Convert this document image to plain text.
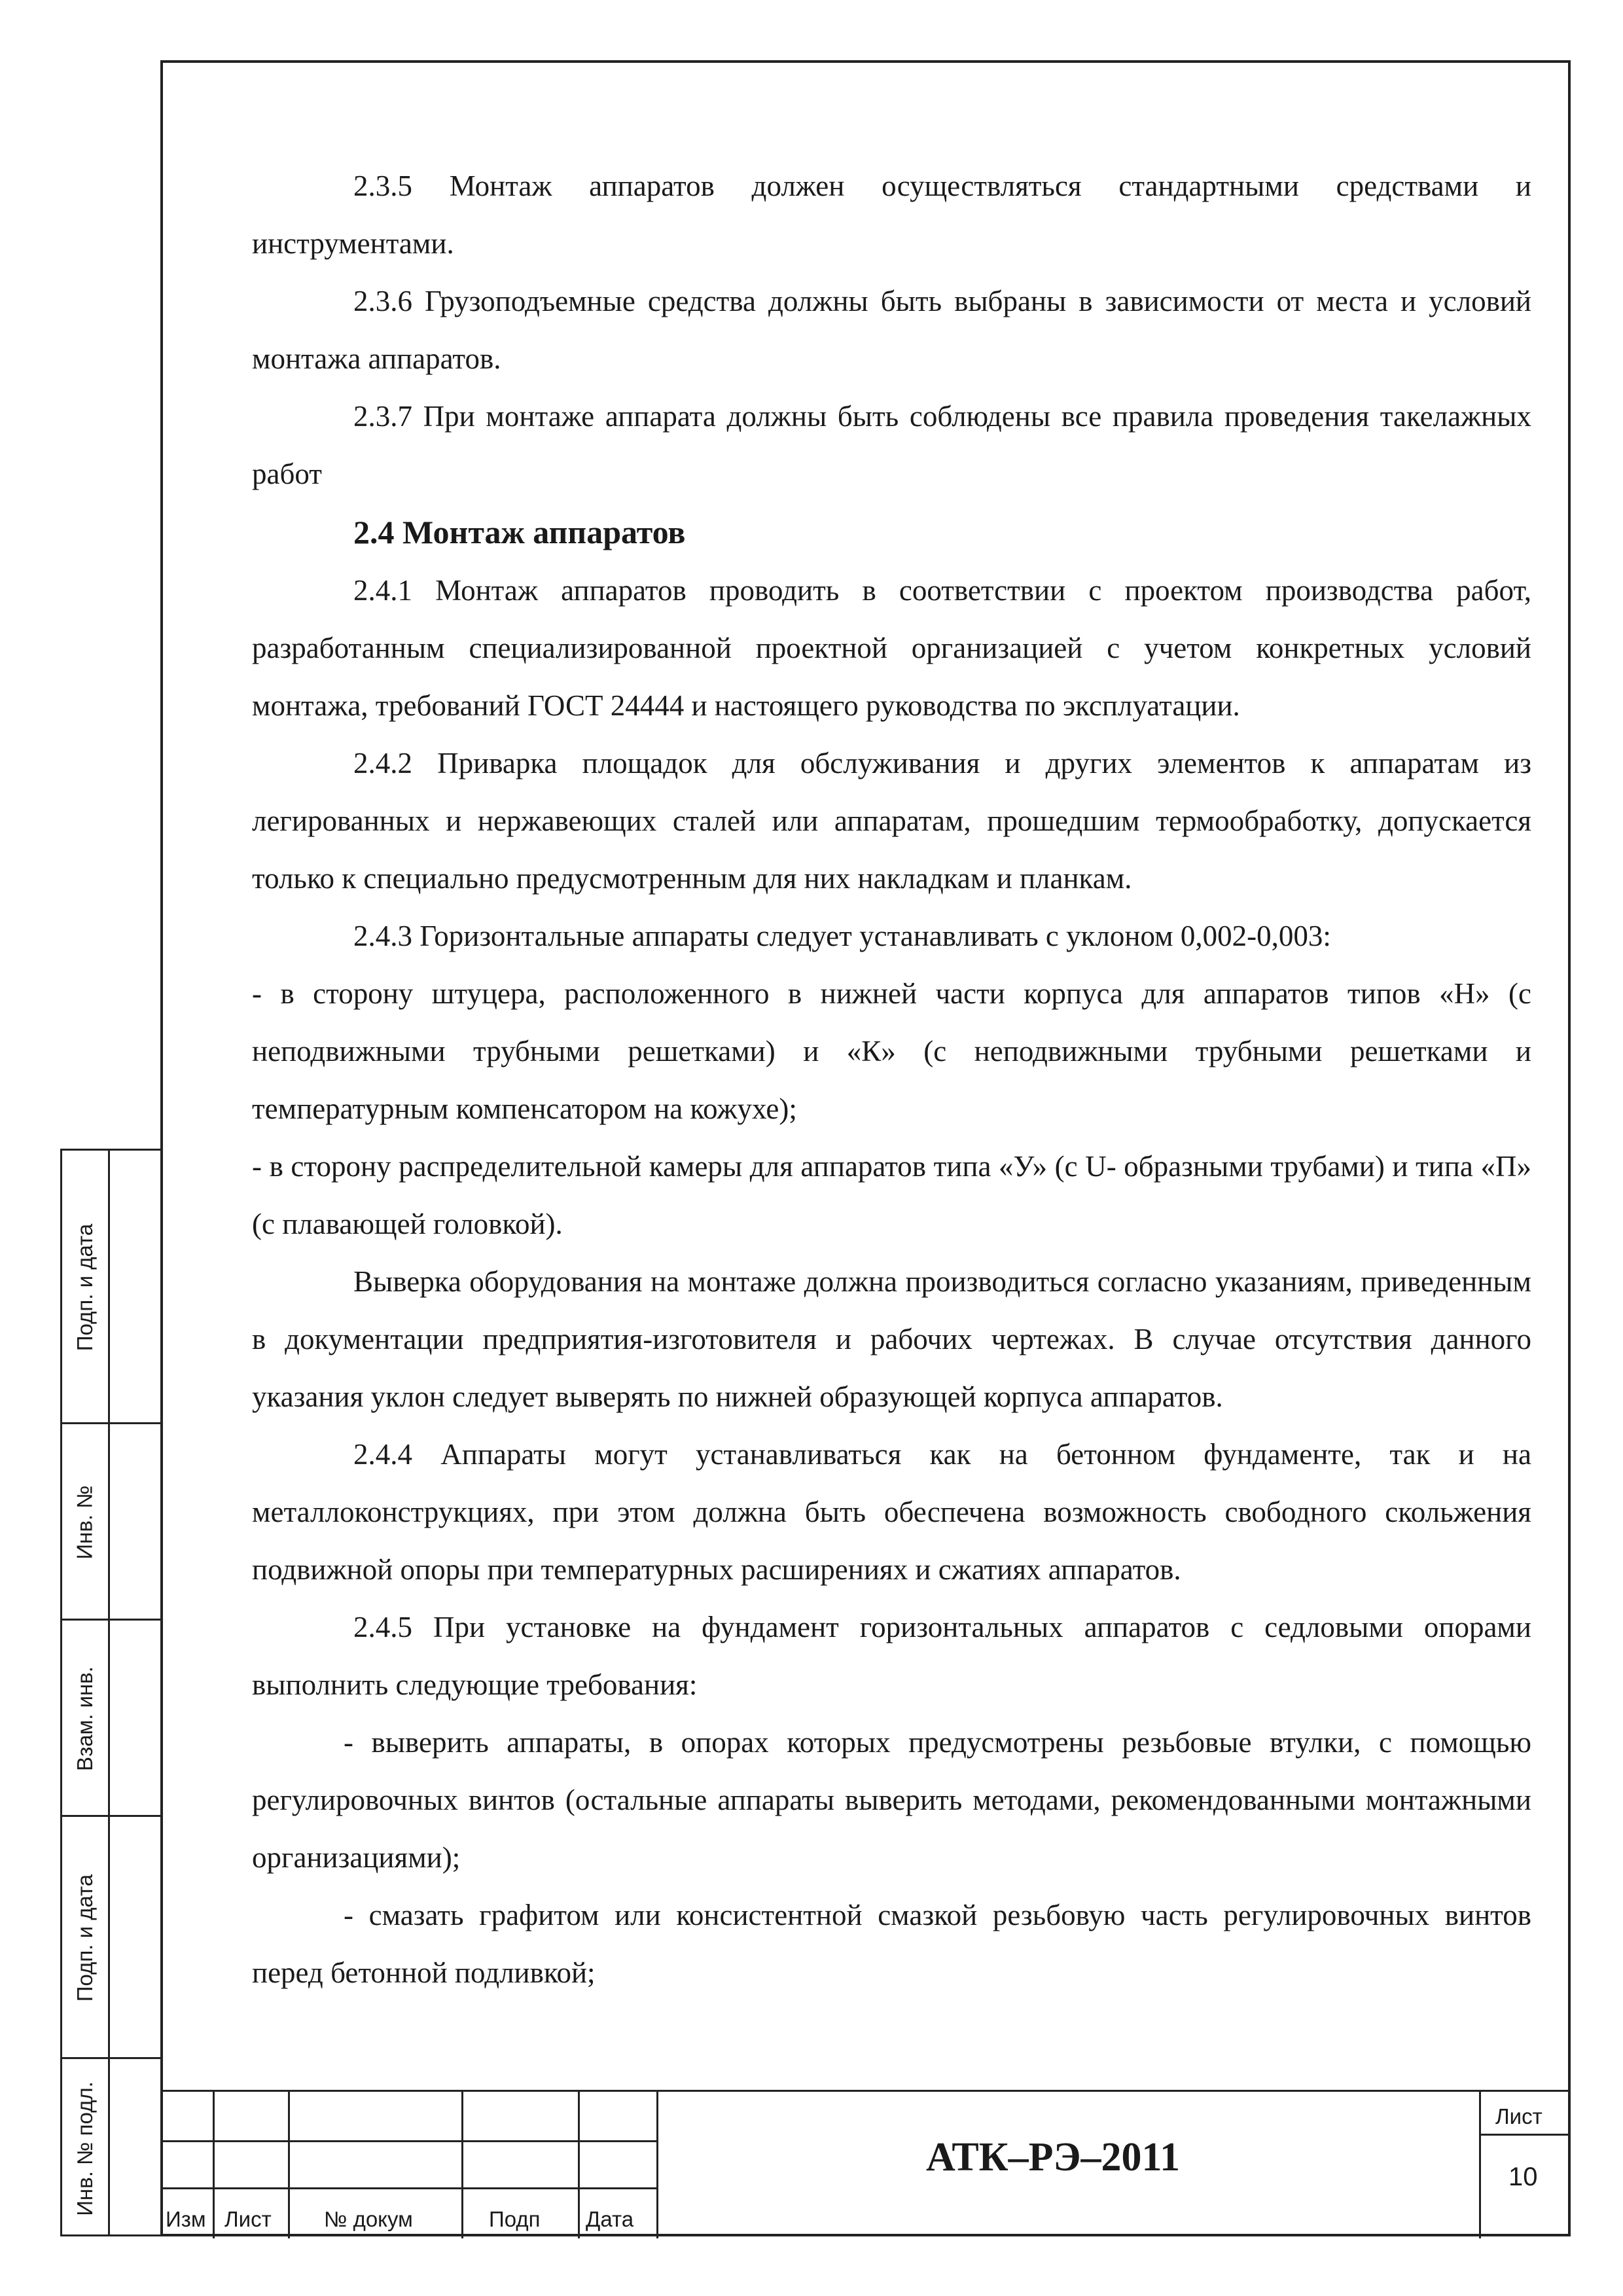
2.3.5 Монтаж аппаратов должен осуществляться стандартными средствами и инструментами.

2.3.6 Грузоподъемные средства должны быть выбраны в зависимости от места и условий монтажа аппаратов.

2.3.7 При монтаже аппарата должны быть соблюдены все правила проведения такелажных работ

2.4 Монтаж аппаратов

2.4.1 Монтаж аппаратов проводить в соответствии с проектом производства работ, разработанным специализированной проектной организацией с учетом конкретных условий монтажа, требований ГОСТ 24444 и настоящего руководства по эксплуатации.

2.4.2 Приварка площадок для обслуживания и других элементов к аппаратам из легированных и нержавеющих сталей или аппаратам, прошедшим термообработку, допускается только к специально предусмотренным для них накладкам и планкам.

2.4.3 Горизонтальные аппараты следует устанавливать с уклоном 0,002-0,003:

- в сторону штуцера, расположенного в нижней части корпуса для аппаратов типов «Н» (с неподвижными трубными решетками) и «К» (с неподвижными трубными решетками и температурным компенсатором на кожухе);

- в сторону распределительной камеры для аппаратов типа «У» (с U- образными трубами) и типа «П» (с плавающей головкой).

Выверка оборудования на монтаже должна производиться согласно указаниям, приведенным в документации предприятия-изготовителя и рабочих чертежах. В случае отсутствия данного указания уклон следует выверять по нижней образующей корпуса аппаратов.

2.4.4 Аппараты могут устанавливаться как на бетонном фундаменте, так и на металлоконструкциях, при этом должна быть обеспечена возможность свободного скольжения подвижной опоры при температурных расширениях и сжатиях аппаратов.

2.4.5 При установке на фундамент горизонтальных аппаратов с седловыми опорами выполнить следующие требования:

- выверить аппараты, в опорах которых предусмотрены резьбовые втулки, с помощью регулировочных винтов (остальные аппараты выверить методами, рекомендованными монтажными организациями);

- смазать графитом или консистентной смазкой резьбовую часть регулировочных винтов перед бетонной подливкой;

Подп. и дата
Инв. №
Взам. инв.
Подп. и дата
Инв. № подл.
Изм Лист № докум	Подп Дата
АТК–РЭ–2011
Лист
10
